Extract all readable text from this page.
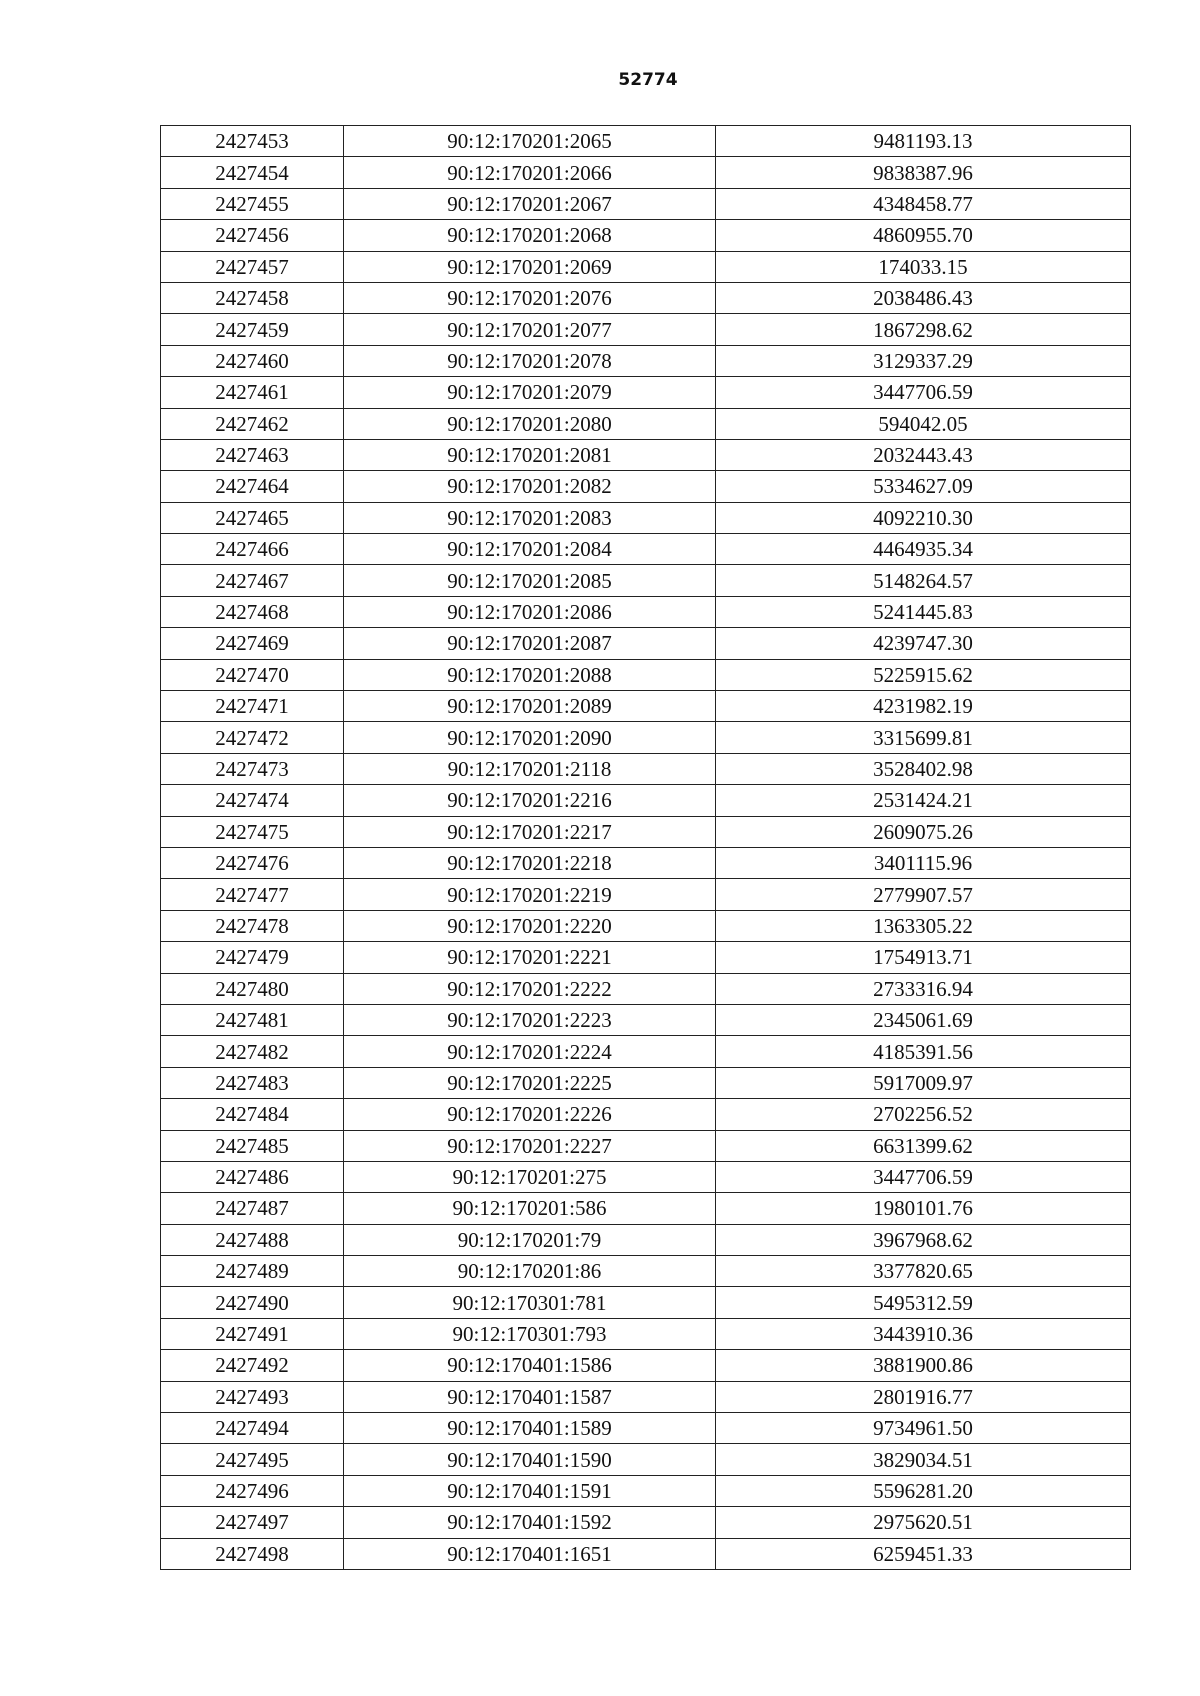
52774
2427453	90:12:170201:2065	9481193.13
2427454	90:12:170201:2066	9838387.96
2427455	90:12:170201:2067	4348458.77
2427456	90:12:170201:2068	4860955.70
2427457	90:12:170201:2069	174033.15
2427458	90:12:170201:2076	2038486.43
2427459	90:12:170201:2077	1867298.62
2427460	90:12:170201:2078	3129337.29
2427461	90:12:170201:2079	3447706.59
2427462	90:12:170201:2080	594042.05
2427463	90:12:170201:2081	2032443.43
2427464	90:12:170201:2082	5334627.09
2427465	90:12:170201:2083	4092210.30
2427466	90:12:170201:2084	4464935.34
2427467	90:12:170201:2085	5148264.57
2427468	90:12:170201:2086	5241445.83
2427469	90:12:170201:2087	4239747.30
2427470	90:12:170201:2088	5225915.62
2427471	90:12:170201:2089	4231982.19
2427472	90:12:170201:2090	3315699.81
2427473	90:12:170201:2118	3528402.98
2427474	90:12:170201:2216	2531424.21
2427475	90:12:170201:2217	2609075.26
2427476	90:12:170201:2218	3401115.96
2427477	90:12:170201:2219	2779907.57
2427478	90:12:170201:2220	1363305.22
2427479	90:12:170201:2221	1754913.71
2427480	90:12:170201:2222	2733316.94
2427481	90:12:170201:2223	2345061.69
2427482	90:12:170201:2224	4185391.56
2427483	90:12:170201:2225	5917009.97
2427484	90:12:170201:2226	2702256.52
2427485	90:12:170201:2227	6631399.62
2427486	90:12:170201:275	3447706.59
2427487	90:12:170201:586	1980101.76
2427488	90:12:170201:79	3967968.62
2427489	90:12:170201:86	3377820.65
2427490	90:12:170301:781	5495312.59
2427491	90:12:170301:793	3443910.36
2427492	90:12:170401:1586	3881900.86
2427493	90:12:170401:1587	2801916.77
2427494	90:12:170401:1589	9734961.50
2427495	90:12:170401:1590	3829034.51
2427496	90:12:170401:1591	5596281.20
2427497	90:12:170401:1592	2975620.51
2427498	90:12:170401:1651	6259451.33
